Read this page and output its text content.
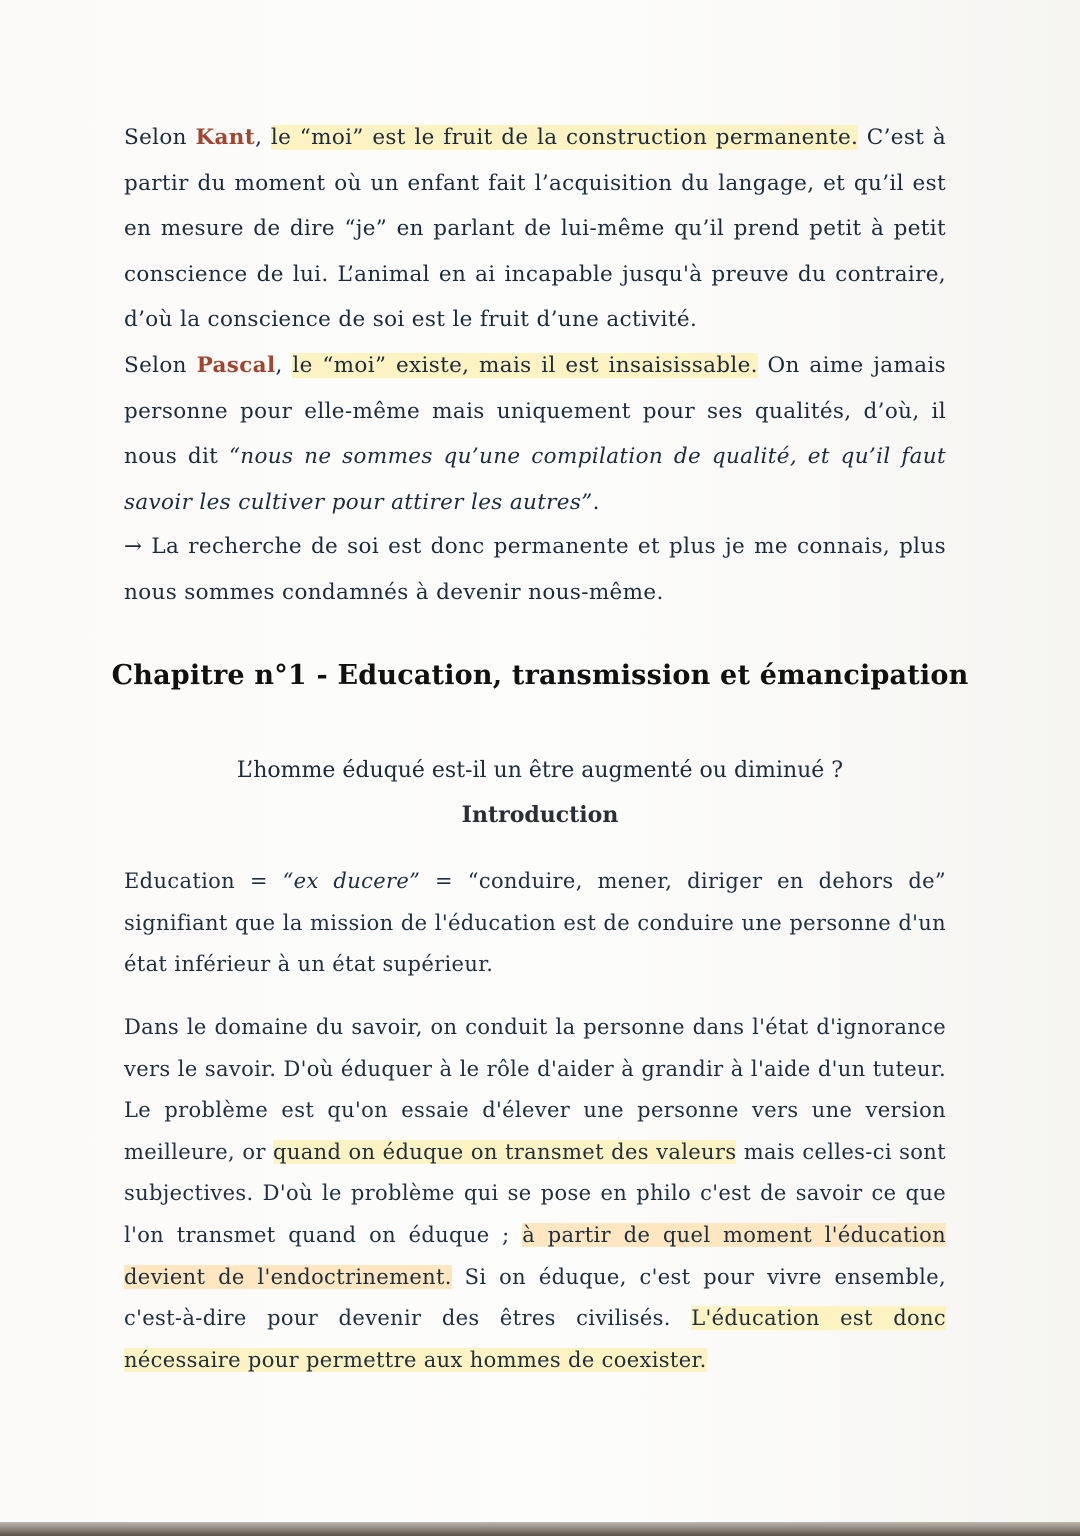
Selon Kant, le “moi” est le fruit de la construction permanente. C’est à partir du moment où un enfant fait l’acquisition du langage, et qu’il est en mesure de dire “je” en parlant de lui-même qu’il prend petit à petit conscience de lui. L’animal en ai incapable jusqu'à preuve du contraire, d’où la conscience de soi est le fruit d’une activité.
Selon Pascal, le “moi” existe, mais il est insaisissable. On aime jamais personne pour elle-même mais uniquement pour ses qualités, d’où, il nous dit “nous ne sommes qu’une compilation de qualité, et qu’il faut savoir les cultiver pour attirer les autres”.
→ La recherche de soi est donc permanente et plus je me connais, plus nous sommes condamnés à devenir nous-même.
Chapitre n°1 - Education, transmission et émancipation
L’homme éduqué est-il un être augmenté ou diminué ?
Introduction
Education = “ex ducere” = “conduire, mener, diriger en dehors de” signifiant que la mission de l'éducation est de conduire une personne d'un état inférieur à un état supérieur.
Dans le domaine du savoir, on conduit la personne dans l'état d'ignorance vers le savoir. D'où éduquer à le rôle d'aider à grandir à l'aide d'un tuteur. Le problème est qu'on essaie d'élever une personne vers une version meilleure, or quand on éduque on transmet des valeurs mais celles-ci sont subjectives. D'où le problème qui se pose en philo c'est de savoir ce que l'on transmet quand on éduque ; à partir de quel moment l'éducation devient de l'endoctrinement. Si on éduque, c'est pour vivre ensemble, c'est-à-dire pour devenir des êtres civilisés. L'éducation est donc nécessaire pour permettre aux hommes de coexister.
